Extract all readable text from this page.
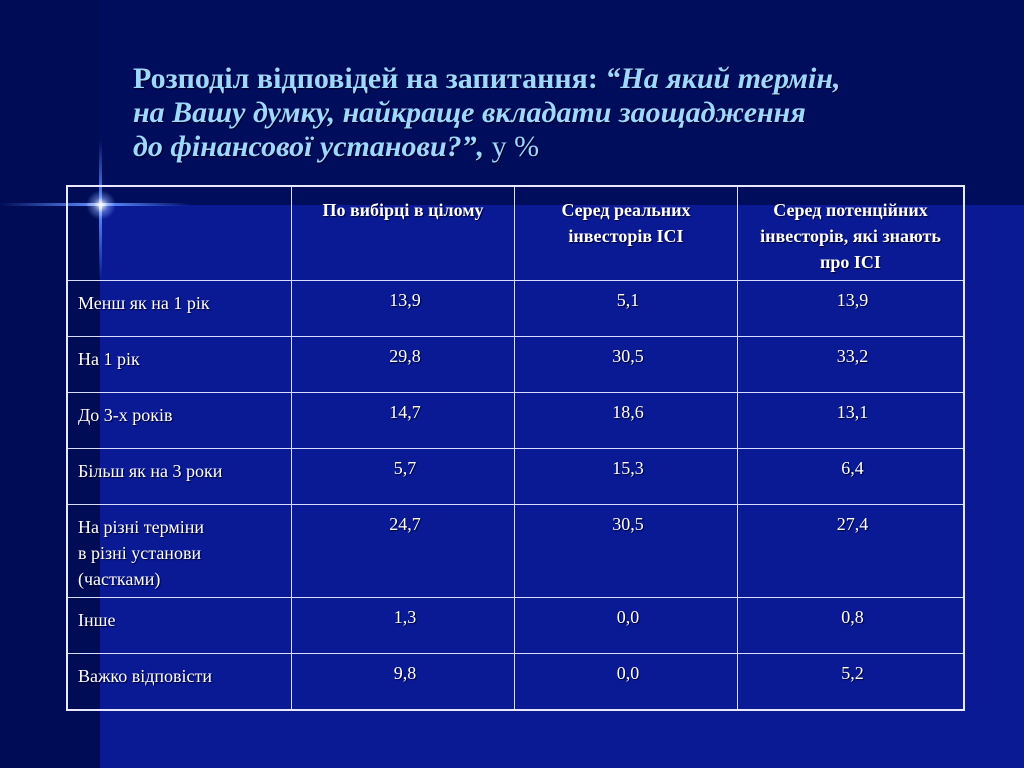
Розподіл відповідей на запитання: “На який термін,
на Вашу думку, найкраще вкладати заощадження
до фінансової установи?”, у %
	По вибірці в цілому	Серед реальних інвесторів ІСІ	Серед потенційних інвесторів, які знають про ІСІ
Менш як на 1 рік	13,9	5,1	13,9
На 1 рік	29,8	30,5	33,2
До 3-х років	14,7	18,6	13,1
Більш як на 3 роки	5,7	15,3	6,4
На різні терміни
в різні установи
(частками)	24,7	30,5	27,4
Інше	1,3	0,0	0,8
Важко відповісти	9,8	0,0	5,2
